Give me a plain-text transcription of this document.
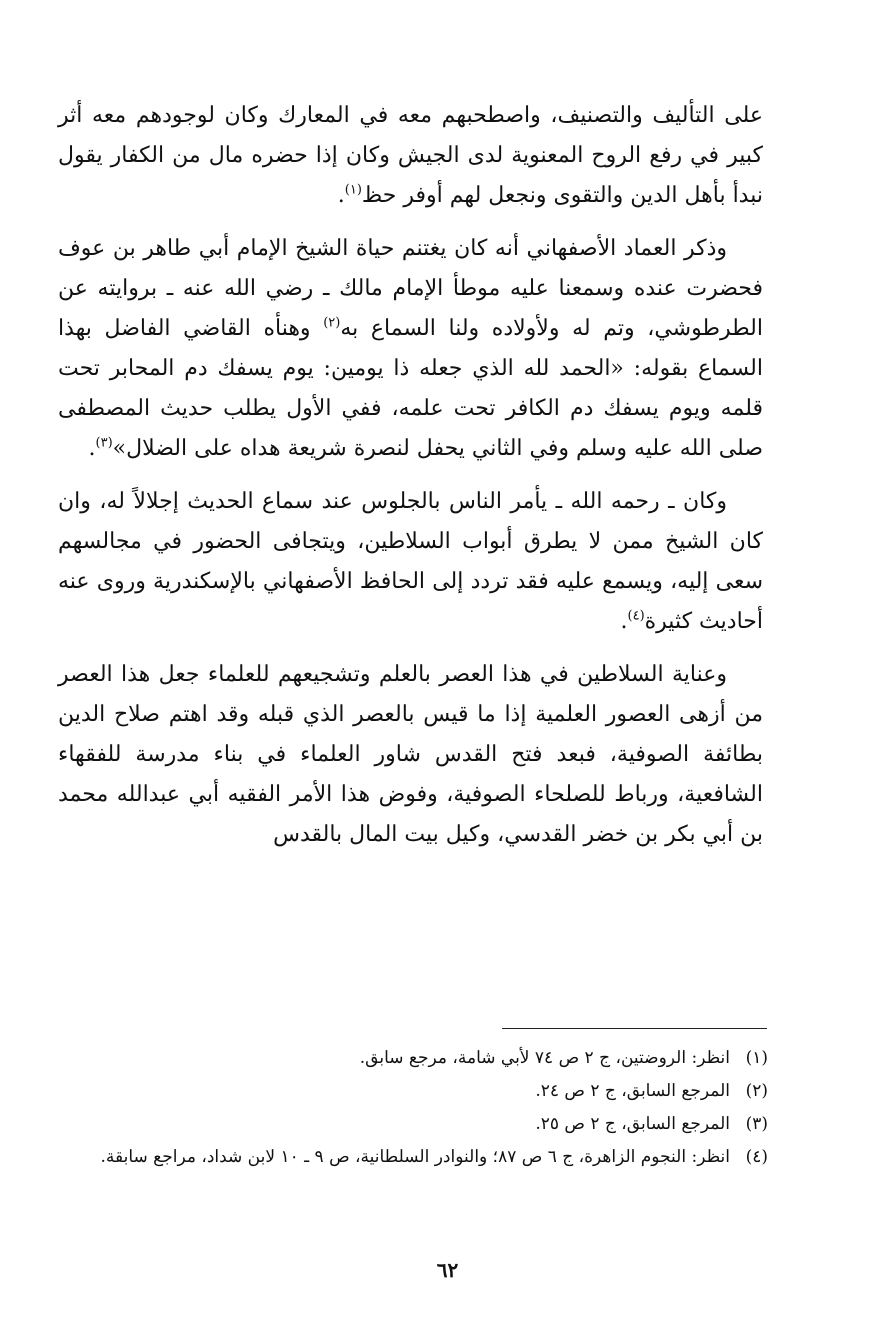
على التأليف والتصنيف، واصطحبهم معه في المعارك وكان لوجودهم معه أثر كبير في رفع الروح المعنوية لدى الجيش وكان إذا حضره مال من الكفار يقول نبدأ بأهل الدين والتقوى ونجعل لهم أوفر حظ$^{(١)}$.

وذكر العماد الأصفهاني أنه كان يغتنم حياة الشيخ الإمام أبي طاهر بن عوف فحضرت عنده وسمعنا عليه موطأ الإمام مالك ـ رضي الله عنه ـ بروايته عن الطرطوشي، وتم له ولأولاده ولنا السماع به$^{(٢)}$ وهنأه القاضي الفاضل بهذا السماع بقوله: «الحمد لله الذي جعله ذا يومين: يوم يسفك دم المحابر تحت قلمه ويوم يسفك دم الكافر تحت علمه، ففي الأول يطلب حديث المصطفى صلى الله عليه وسلم وفي الثاني يحفل لنصرة شريعة هداه على الضلال»$^{(٣)}$.

وكان ـ رحمه الله ـ يأمر الناس بالجلوس عند سماع الحديث إجلالاً له، وان كان الشيخ ممن لا يطرق أبواب السلاطين، ويتجافى الحضور في مجالسهم سعى إليه، ويسمع عليه فقد تردد إلى الحافظ الأصفهاني بالإسكندرية وروى عنه أحاديث كثيرة$^{(٤)}$.

وعناية السلاطين في هذا العصر بالعلم وتشجيعهم للعلماء جعل هذا العصر من أزهى العصور العلمية إذا ما قيس بالعصر الذي قبله وقد اهتم صلاح الدين بطائفة الصوفية، فبعد فتح القدس شاور العلماء في بناء مدرسة للفقهاء الشافعية، ورباط للصلحاء الصوفية، وفوض هذا الأمر الفقيه أبي عبدالله محمد بن أبي بكر بن خضر القدسي، وكيل بيت المال بالقدس

(١)انظر: الروضتين، ج ٢ ص ٧٤ لأبي شامة، مرجع سابق.

(٢)المرجع السابق، ج ٢ ص ٢٤.

(٣)المرجع السابق، ج ٢ ص ٢٥.

(٤)انظر: النجوم الزاهرة، ج ٦ ص ٨٧؛ والنوادر السلطانية، ص ٩ ـ ١٠ لابن شداد، مراجع سابقة.

٦٢
